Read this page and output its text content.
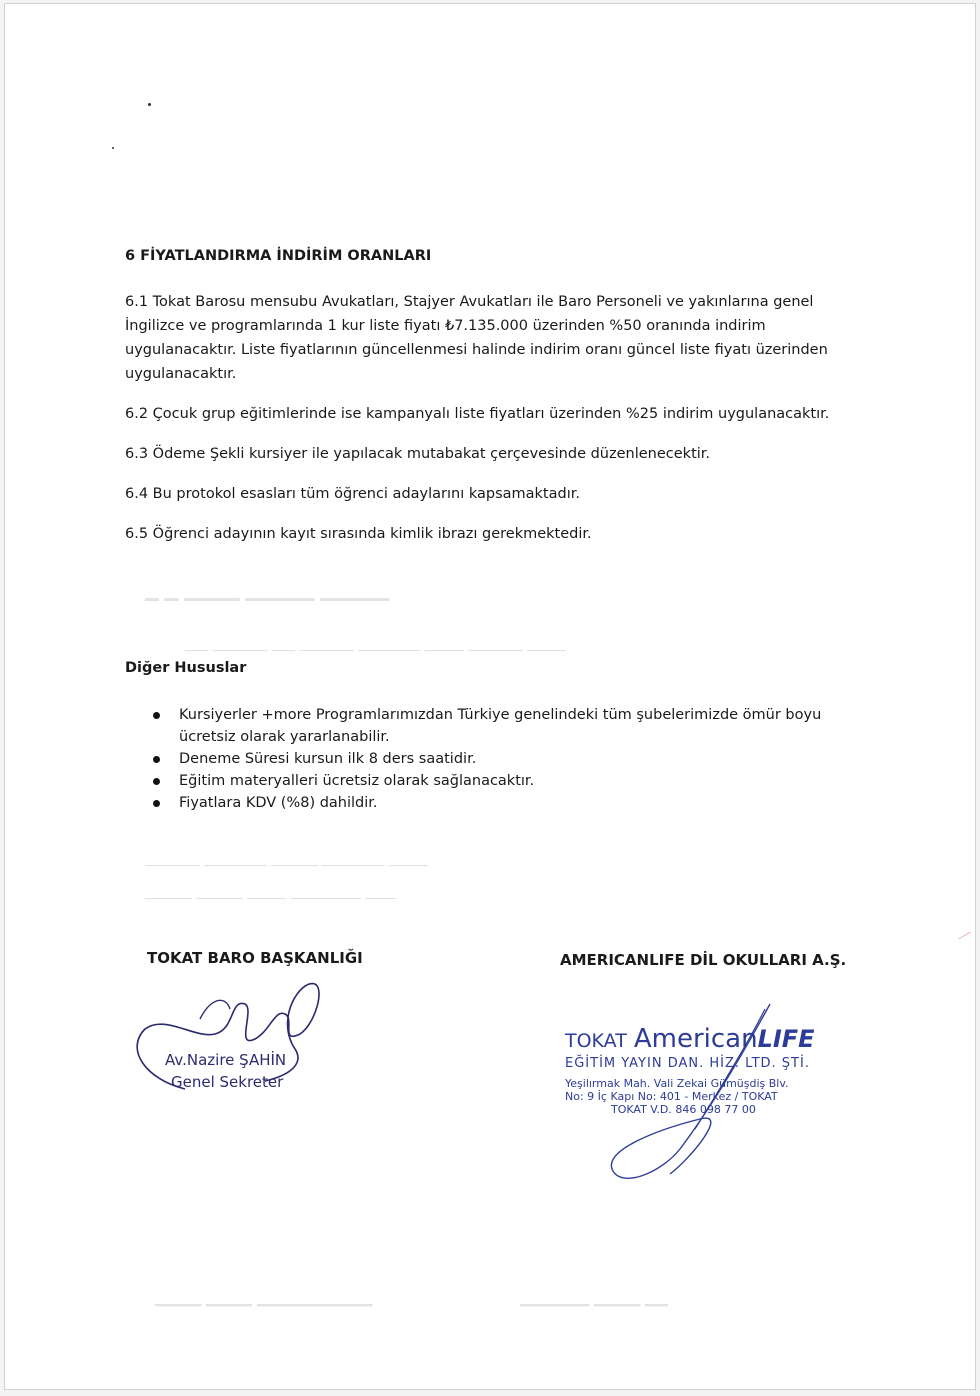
▔ ▔ ▔▔▔▔ ▔▔▔▔▔ ▔▔▔▔▔
─── ─────── ─── ─────── ──────── ───── ─────── ─────
─────── ──────── ────── ──────── ─────
────── ────── ───── ───────── ────
▔▔▔▔ ▔▔▔▔ ▔▔▔▔▔▔▔▔▔▔                               ▔▔▔▔▔▔ ▔▔▔▔ ▔▔
6 FİYATLANDIRMA İNDİRİM ORANLARI

6.1 Tokat Barosu mensubu Avukatları, Stajyer Avukatları ile Baro Personeli ve yakınlarına genel İngilizce ve programlarında 1 kur liste fiyatı ₺7.135.000 üzerinden %50 oranında indirim uygulanacaktır. Liste fiyatlarının güncellenmesi halinde indirim oranı güncel liste fiyatı üzerinden uygulanacaktır.

6.2 Çocuk grup eğitimlerinde ise kampanyalı liste fiyatları üzerinden %25 indirim uygulanacaktır.

6.3 Ödeme Şekli kursiyer ile yapılacak mutabakat çerçevesinde düzenlenecektir.

6.4 Bu protokol esasları tüm öğrenci adaylarını kapsamaktadır.

6.5 Öğrenci adayının kayıt sırasında kimlik ibrazı gerekmektedir.

Diğer Hususlar
Kursiyerler +more Programlarımızdan Türkiye genelindeki tüm şubelerimizde ömür boyu ücretsiz olarak yararlanabilir.
Deneme Süresi kursun ilk 8 ders saatidir.
Eğitim materyalleri ücretsiz olarak sağlanacaktır.
Fiyatlara KDV (%8) dahildir.
TOKAT BARO BAŞKANLIĞI	AMERICANLIFE DİL OKULLARI A.Ş.
Av.Nazire ŞAHİN
Genel Sekreter
TOKAT AmericanLIFE
EĞİTİM YAYIN DAN. HİZ. LTD. ŞTİ.
Yeşilırmak Mah. Vali Zekai Gümüşdiş Blv.
No: 9 İç Kapı No: 401 - Merkez / TOKAT
TOKAT V.D. 846 098 77 00
